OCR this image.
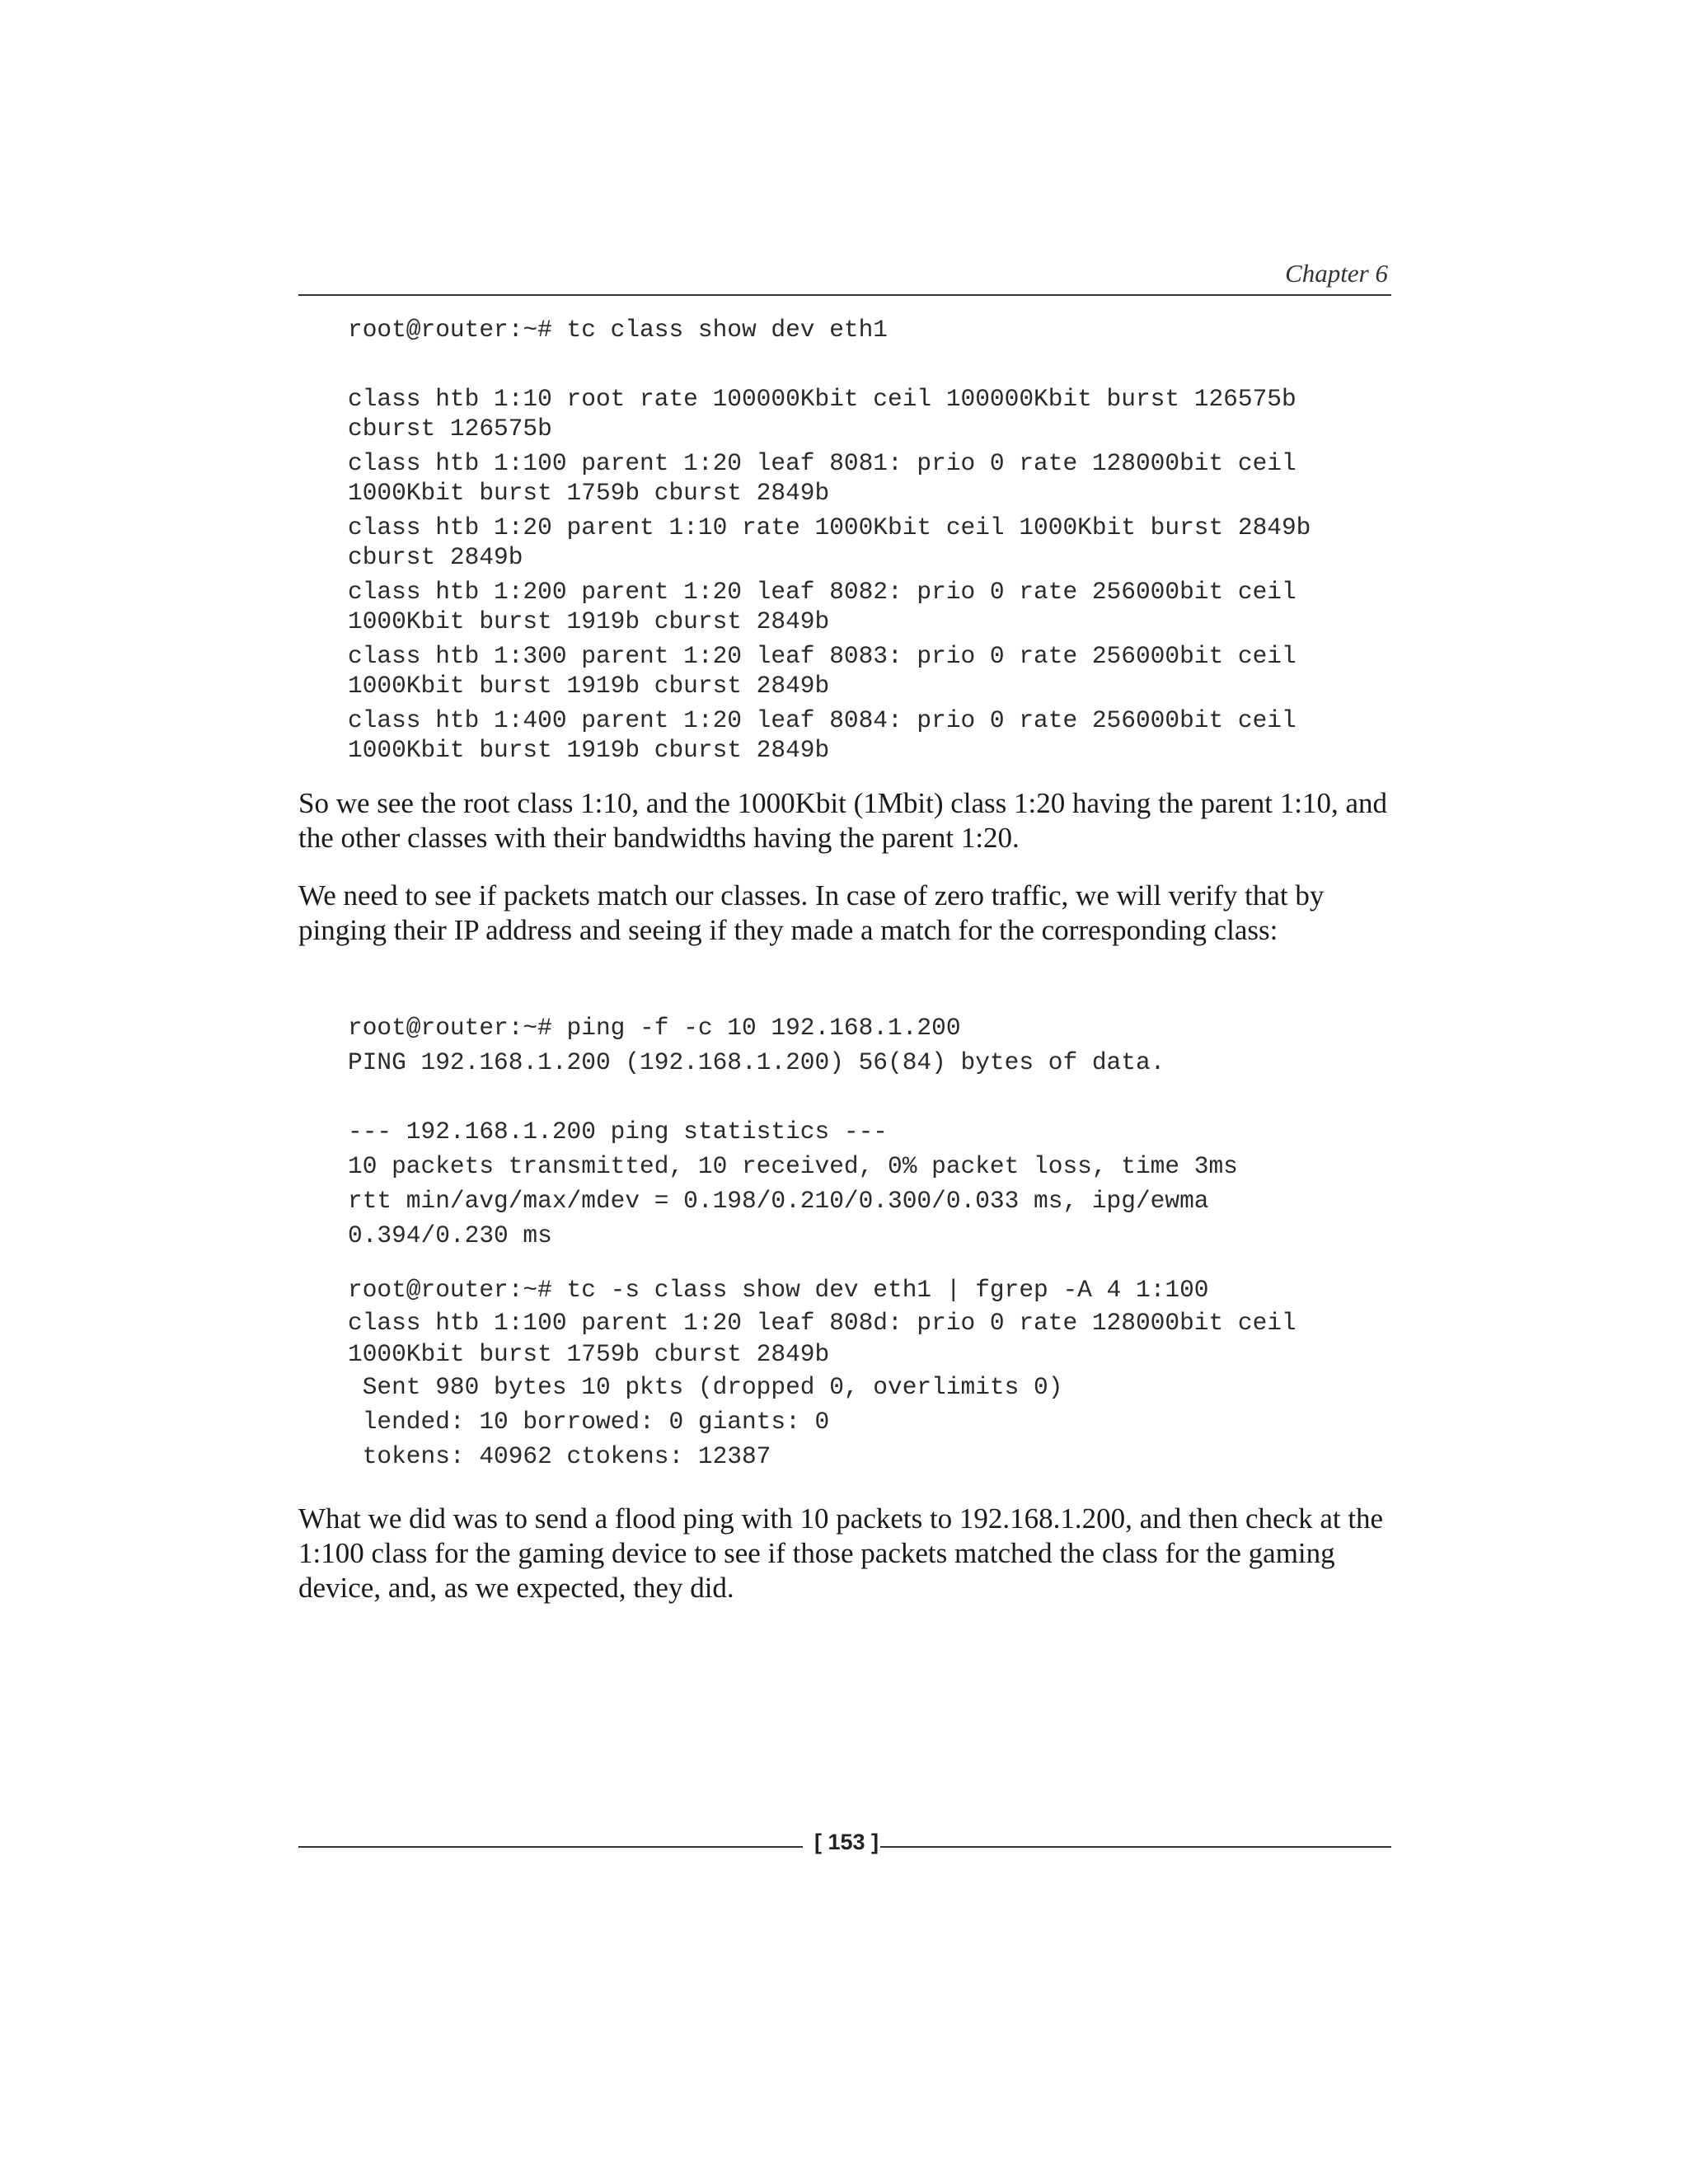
Chapter 6
root@router:~# tc class show dev eth1
class htb 1:10 root rate 100000Kbit ceil 100000Kbit burst 126575b
cburst 126575b
class htb 1:100 parent 1:20 leaf 8081: prio 0 rate 128000bit ceil
1000Kbit burst 1759b cburst 2849b
class htb 1:20 parent 1:10 rate 1000Kbit ceil 1000Kbit burst 2849b
cburst 2849b
class htb 1:200 parent 1:20 leaf 8082: prio 0 rate 256000bit ceil
1000Kbit burst 1919b cburst 2849b
class htb 1:300 parent 1:20 leaf 8083: prio 0 rate 256000bit ceil
1000Kbit burst 1919b cburst 2849b
class htb 1:400 parent 1:20 leaf 8084: prio 0 rate 256000bit ceil
1000Kbit burst 1919b cburst 2849b

So we see the root class 1:10, and the 1000Kbit (1Mbit) class 1:20 having the parent 1:10, and the other classes with their bandwidths having the parent 1:20.

We need to see if packets match our classes. In case of zero traffic, we will verify that by pinging their IP address and seeing if they made a match for the corresponding class:

root@router:~# ping -f -c 10 192.168.1.200
PING 192.168.1.200 (192.168.1.200) 56(84) bytes of data.

--- 192.168.1.200 ping statistics ---
10 packets transmitted, 10 received, 0% packet loss, time 3ms
rtt min/avg/max/mdev = 0.198/0.210/0.300/0.033 ms, ipg/ewma
0.394/0.230 ms
root@router:~# tc -s class show dev eth1 | fgrep -A 4 1:100

class htb 1:100 parent 1:20 leaf 808d: prio 0 rate 128000bit ceil
1000Kbit burst 1759b cburst 2849b
Sent 980 bytes 10 pkts (dropped 0, overlimits 0)
lended: 10 borrowed: 0 giants: 0
tokens: 40962 ctokens: 12387

What we did was to send a flood ping with 10 packets to 192.168.1.200, and then check at the 1:100 class for the gaming device to see if those packets matched the class for the gaming device, and, as we expected, they did.

[ 153 ]
